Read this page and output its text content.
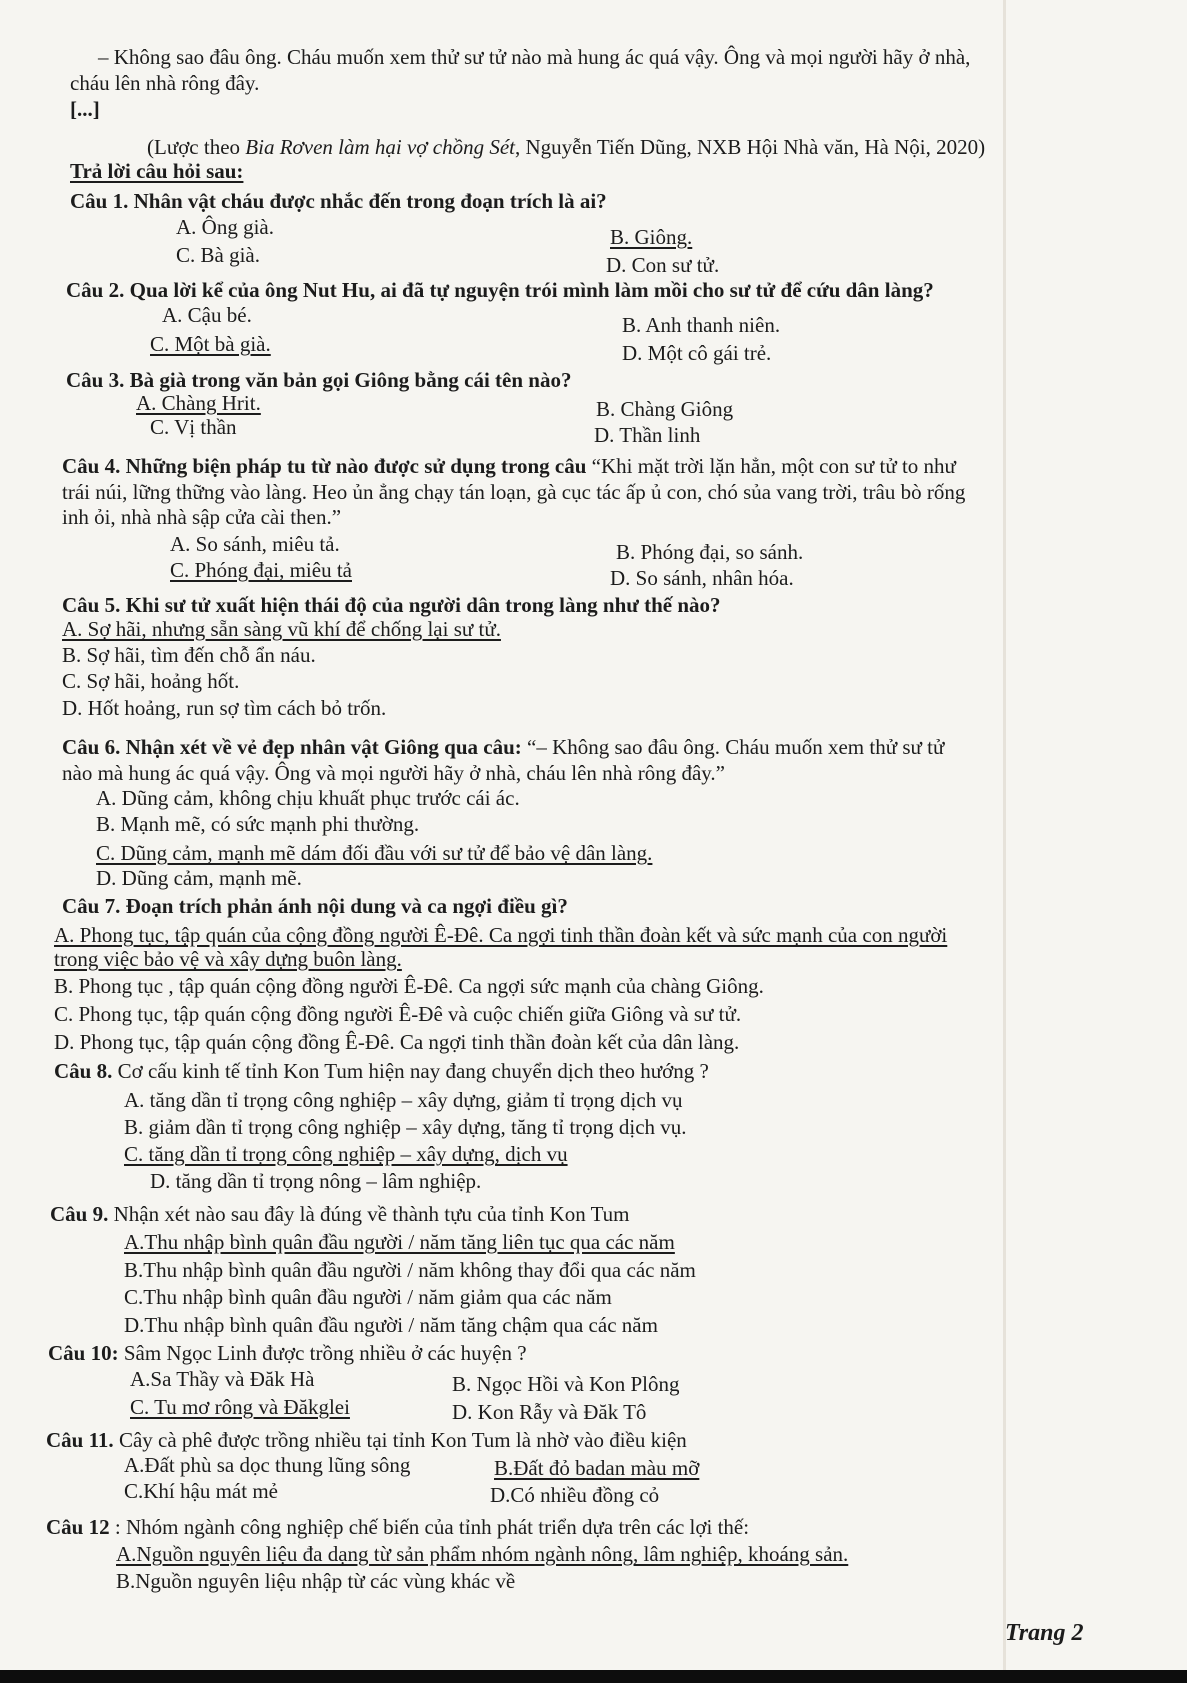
– Không sao đâu ông. Cháu muốn xem thử sư tử nào mà hung ác quá vậy. Ông và mọi người hãy ở nhà,
cháu lên nhà rông đây.
[...]
(Lược theo Bia Rơven làm hại vợ chồng Sét, Nguyễn Tiến Dũng, NXB Hội Nhà văn, Hà Nội, 2020)
Trả lời câu hỏi sau:
Câu 1. Nhân vật cháu được nhắc đến trong đoạn trích là ai?
A. Ông già.	B. Giông.
C. Bà già.	D. Con sư tử.
Câu 2. Qua lời kể của ông Nut Hu, ai đã tự nguyện trói mình làm mồi cho sư tử để cứu dân làng?
A. Cậu bé.	B. Anh thanh niên.
C. Một bà già.	D. Một cô gái trẻ.
Câu 3. Bà già trong văn bản gọi Giông bằng cái tên nào?
A. Chàng Hrit.	B. Chàng Giông
C. Vị thần	D. Thần linh
Câu 4. Những biện pháp tu từ nào được sử dụng trong câu “Khi mặt trời lặn hẳn, một con sư tử to như
trái núi, lững thững vào làng. Heo ủn ẳng chạy tán loạn, gà cục tác ấp ủ con, chó sủa vang trời, trâu bò rống
inh ỏi, nhà nhà sập cửa cài then.”
A. So sánh, miêu tả.	B. Phóng đại, so sánh.
C. Phóng đại, miêu tả	D. So sánh, nhân hóa.
Câu 5. Khi sư tử xuất hiện thái độ của người dân trong làng như thế nào?
A. Sợ hãi, nhưng sẵn sàng vũ khí để chống lại sư tử.
B. Sợ hãi, tìm đến chỗ ẩn náu.
C. Sợ hãi, hoảng hốt.
D. Hốt hoảng, run sợ tìm cách bỏ trốn.
Câu 6. Nhận xét về vẻ đẹp nhân vật Giông qua câu: “– Không sao đâu ông. Cháu muốn xem thử sư tử
nào mà hung ác quá vậy. Ông và mọi người hãy ở nhà, cháu lên nhà rông đây.”
A. Dũng cảm, không chịu khuất phục trước cái ác.
B. Mạnh mẽ, có sức mạnh phi thường.
C. Dũng cảm, mạnh mẽ dám đối đầu với sư tử để bảo vệ dân làng.
D. Dũng cảm, mạnh mẽ.
Câu 7. Đoạn trích phản ánh nội dung và ca ngợi điều gì?
A. Phong tục, tập quán của cộng đồng người Ê-Đê. Ca ngợi tinh thần đoàn kết và sức mạnh của con người
trong việc bảo vệ và xây dựng buôn làng.
B. Phong tục , tập quán cộng đồng người Ê-Đê. Ca ngợi sức mạnh của chàng Giông.
C. Phong tục, tập quán cộng đồng người Ê-Đê và cuộc chiến giữa Giông và sư tử.
D. Phong tục, tập quán cộng đồng Ê-Đê. Ca ngợi tinh thần đoàn kết của dân làng.
Câu 8. Cơ cấu kinh tế tỉnh Kon Tum hiện nay đang chuyển dịch theo hướng ?
A. tăng dần tỉ trọng công nghiệp – xây dựng, giảm tỉ trọng dịch vụ
B. giảm dần tỉ trọng công nghiệp – xây dựng, tăng tỉ trọng dịch vụ.
C. tăng dần tỉ trọng công nghiệp – xây dựng, dịch vụ
D. tăng dần tỉ trọng nông – lâm nghiệp.
Câu 9. Nhận xét nào sau đây là đúng về thành tựu của tỉnh Kon Tum
A.Thu nhập bình quân đầu người / năm tăng liên tục qua các năm
B.Thu nhập bình quân đầu người / năm không thay đổi qua các năm
C.Thu nhập bình quân đầu người / năm giảm qua các năm
D.Thu nhập bình quân đầu người / năm tăng chậm qua các năm
Câu 10: Sâm Ngọc Linh được trồng nhiều ở các huyện ?
A.Sa Thầy và Đăk Hà	B. Ngọc Hồi và Kon Plông
C. Tu mơ rông và Đăkglei	D. Kon Rẫy và Đăk Tô
Câu 11. Cây cà phê được trồng nhiều tại tỉnh Kon Tum là nhờ vào điều kiện
A.Đất phù sa dọc thung lũng sông	B.Đất đỏ badan màu mỡ
C.Khí hậu mát mẻ	D.Có nhiều đồng cỏ
Câu 12 : Nhóm ngành công nghiệp chế biến của tỉnh phát triển dựa trên các lợi thế:
A.Nguồn nguyên liệu đa dạng từ sản phẩm nhóm ngành nông, lâm nghiệp, khoáng sản.
B.Nguồn nguyên liệu nhập từ các vùng khác về
Trang 2
